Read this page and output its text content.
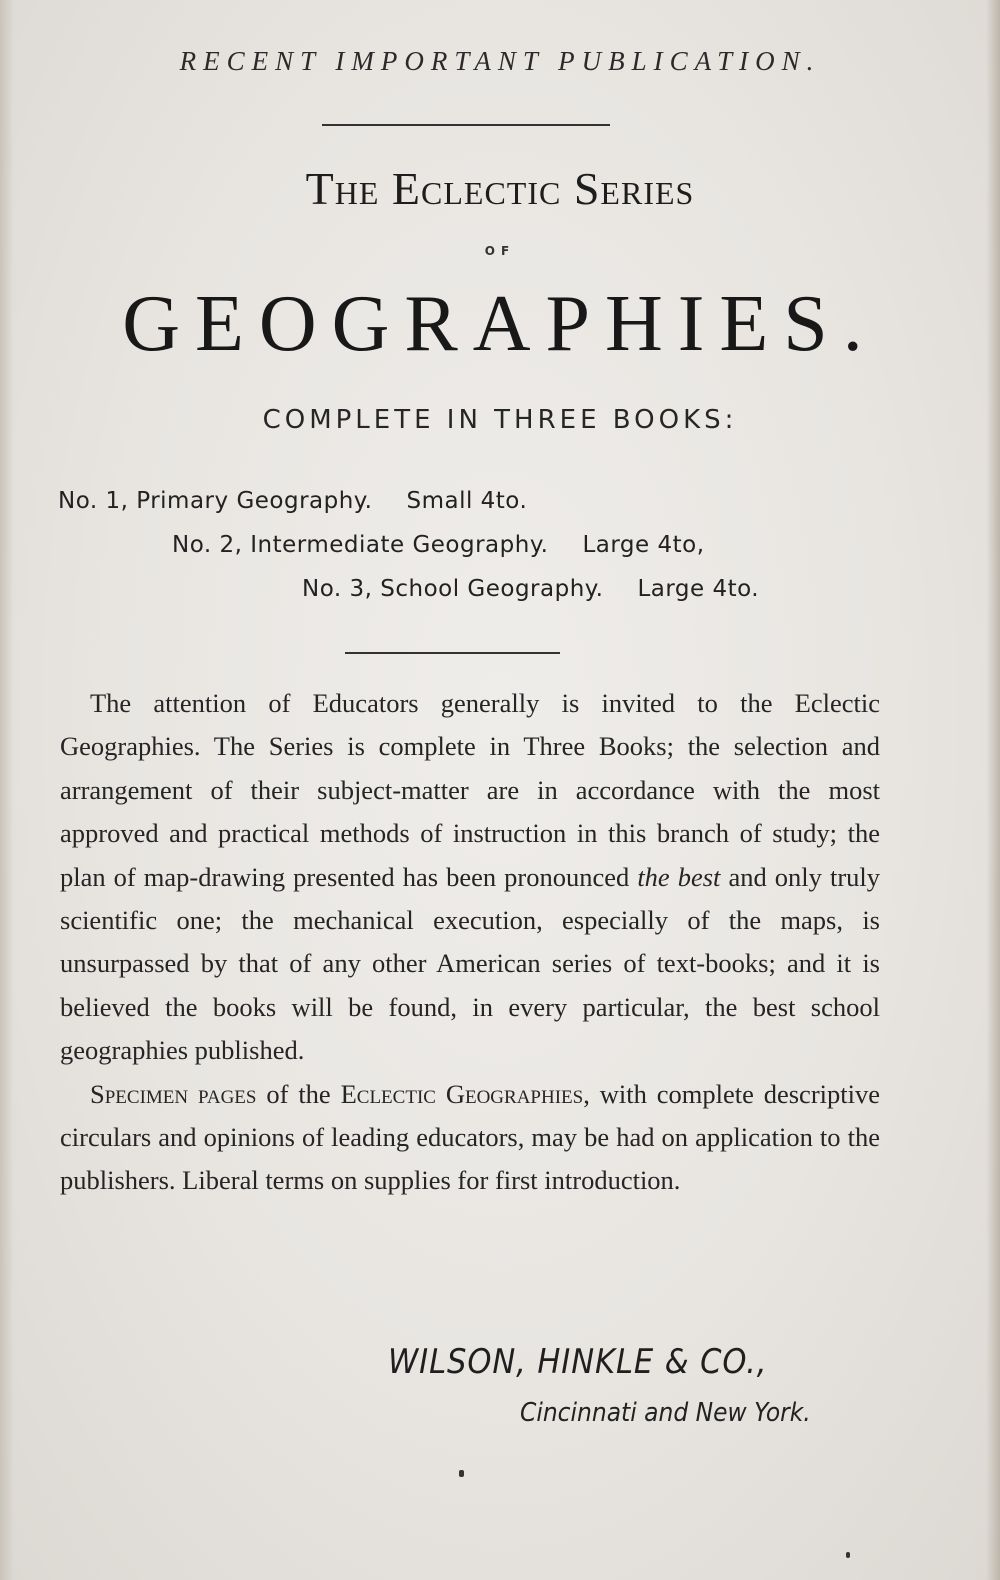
RECENT IMPORTANT PUBLICATION.
The Eclectic Series
OF
GEOGRAPHIES.
COMPLETE IN THREE BOOKS:
No. 1, Primary Geography. Small 4to.
No. 2, Intermediate Geography. Large 4to,
No. 3, School Geography. Large 4to.

The attention of Educators generally is invited to the Eclectic Geographies. The Series is complete in Three Books; the selection and arrangement of their subject-matter are in accordance with the most approved and practical methods of instruction in this branch of study; the plan of map-drawing presented has been pronounced the best and only truly scientific one; the mechanical execution, especially of the maps, is unsurpassed by that of any other American series of text-books; and it is believed the books will be found, in every particular, the best school geographies published.

Specimen pages of the Eclectic Geographies, with complete descriptive circulars and opinions of leading educators, may be had on application to the publishers. Liberal terms on supplies for first introduction.

WILSON, HINKLE & CO.,
Cincinnati and New York.
